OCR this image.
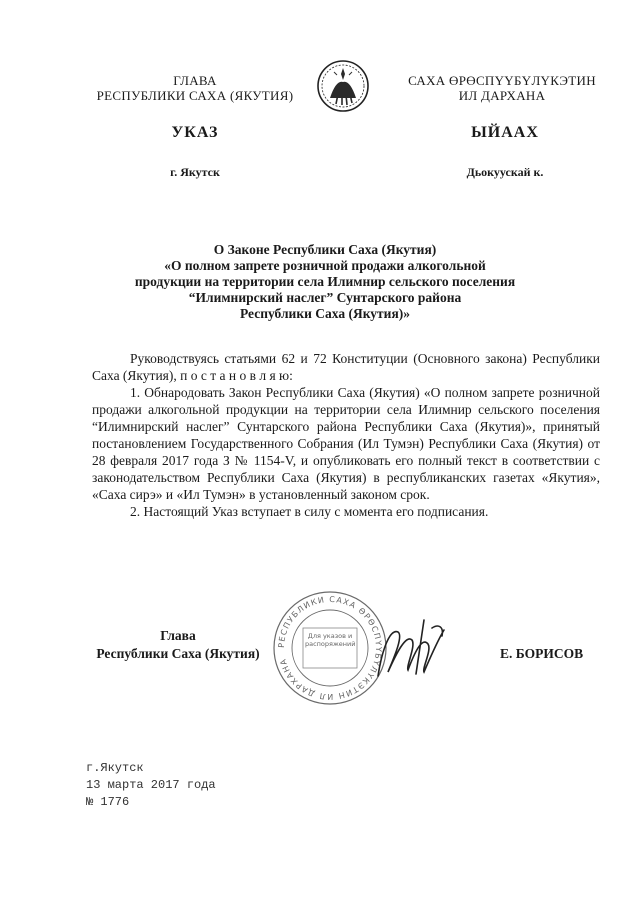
ГЛАВА
РЕСПУБЛИКИ САХА (ЯКУТИЯ)
САХА ӨРӨСПҮҮБҮЛҮКЭТИН
ИЛ ДАРХАНА
УКАЗ	ЫЙААХ
г. Якутск	Дьокуускай к.
О Законе Республики Саха (Якутия)
«О полном запрете розничной продажи алкогольной
продукции на территории села Илимнир сельского поселения
“Илимнирский наслег” Сунтарского района
Республики Саха (Якутия)»

Руководствуясь статьями 62 и 72 Конституции (Основного закона) Республики Саха (Якутия), п о с т а н о в л я ю:

1. Обнародовать Закон Республики Саха (Якутия) «О полном запрете розничной продажи алкогольной продукции на территории села Илимнир сельского поселения “Илимнирский наслег” Сунтарского района Республики Саха (Якутия)», принятый постановлением Государственного Собрания (Ил Тумэн) Республики Саха (Якутия) от 28 февраля 2017 года З № 1154-V, и опубликовать его полный текст в соответствии с законодательством Республики Саха (Якутия) в республиканских газетах «Якутия», «Саха сирэ» и «Ил Тумэн» в установленный законом срок.

2. Настоящий Указ вступает в силу с момента его подписания.

Глава
Республики Саха (Якутия)
РЕСПУБЛИКИ САХА ӨРӨСПҮҮБҮЛҮКЭТИН ИЛ ДАРХАНА
Для указов и распоряжений
Е. БОРИСОВ
г.Якутск
13 марта 2017 года
№ 1776
